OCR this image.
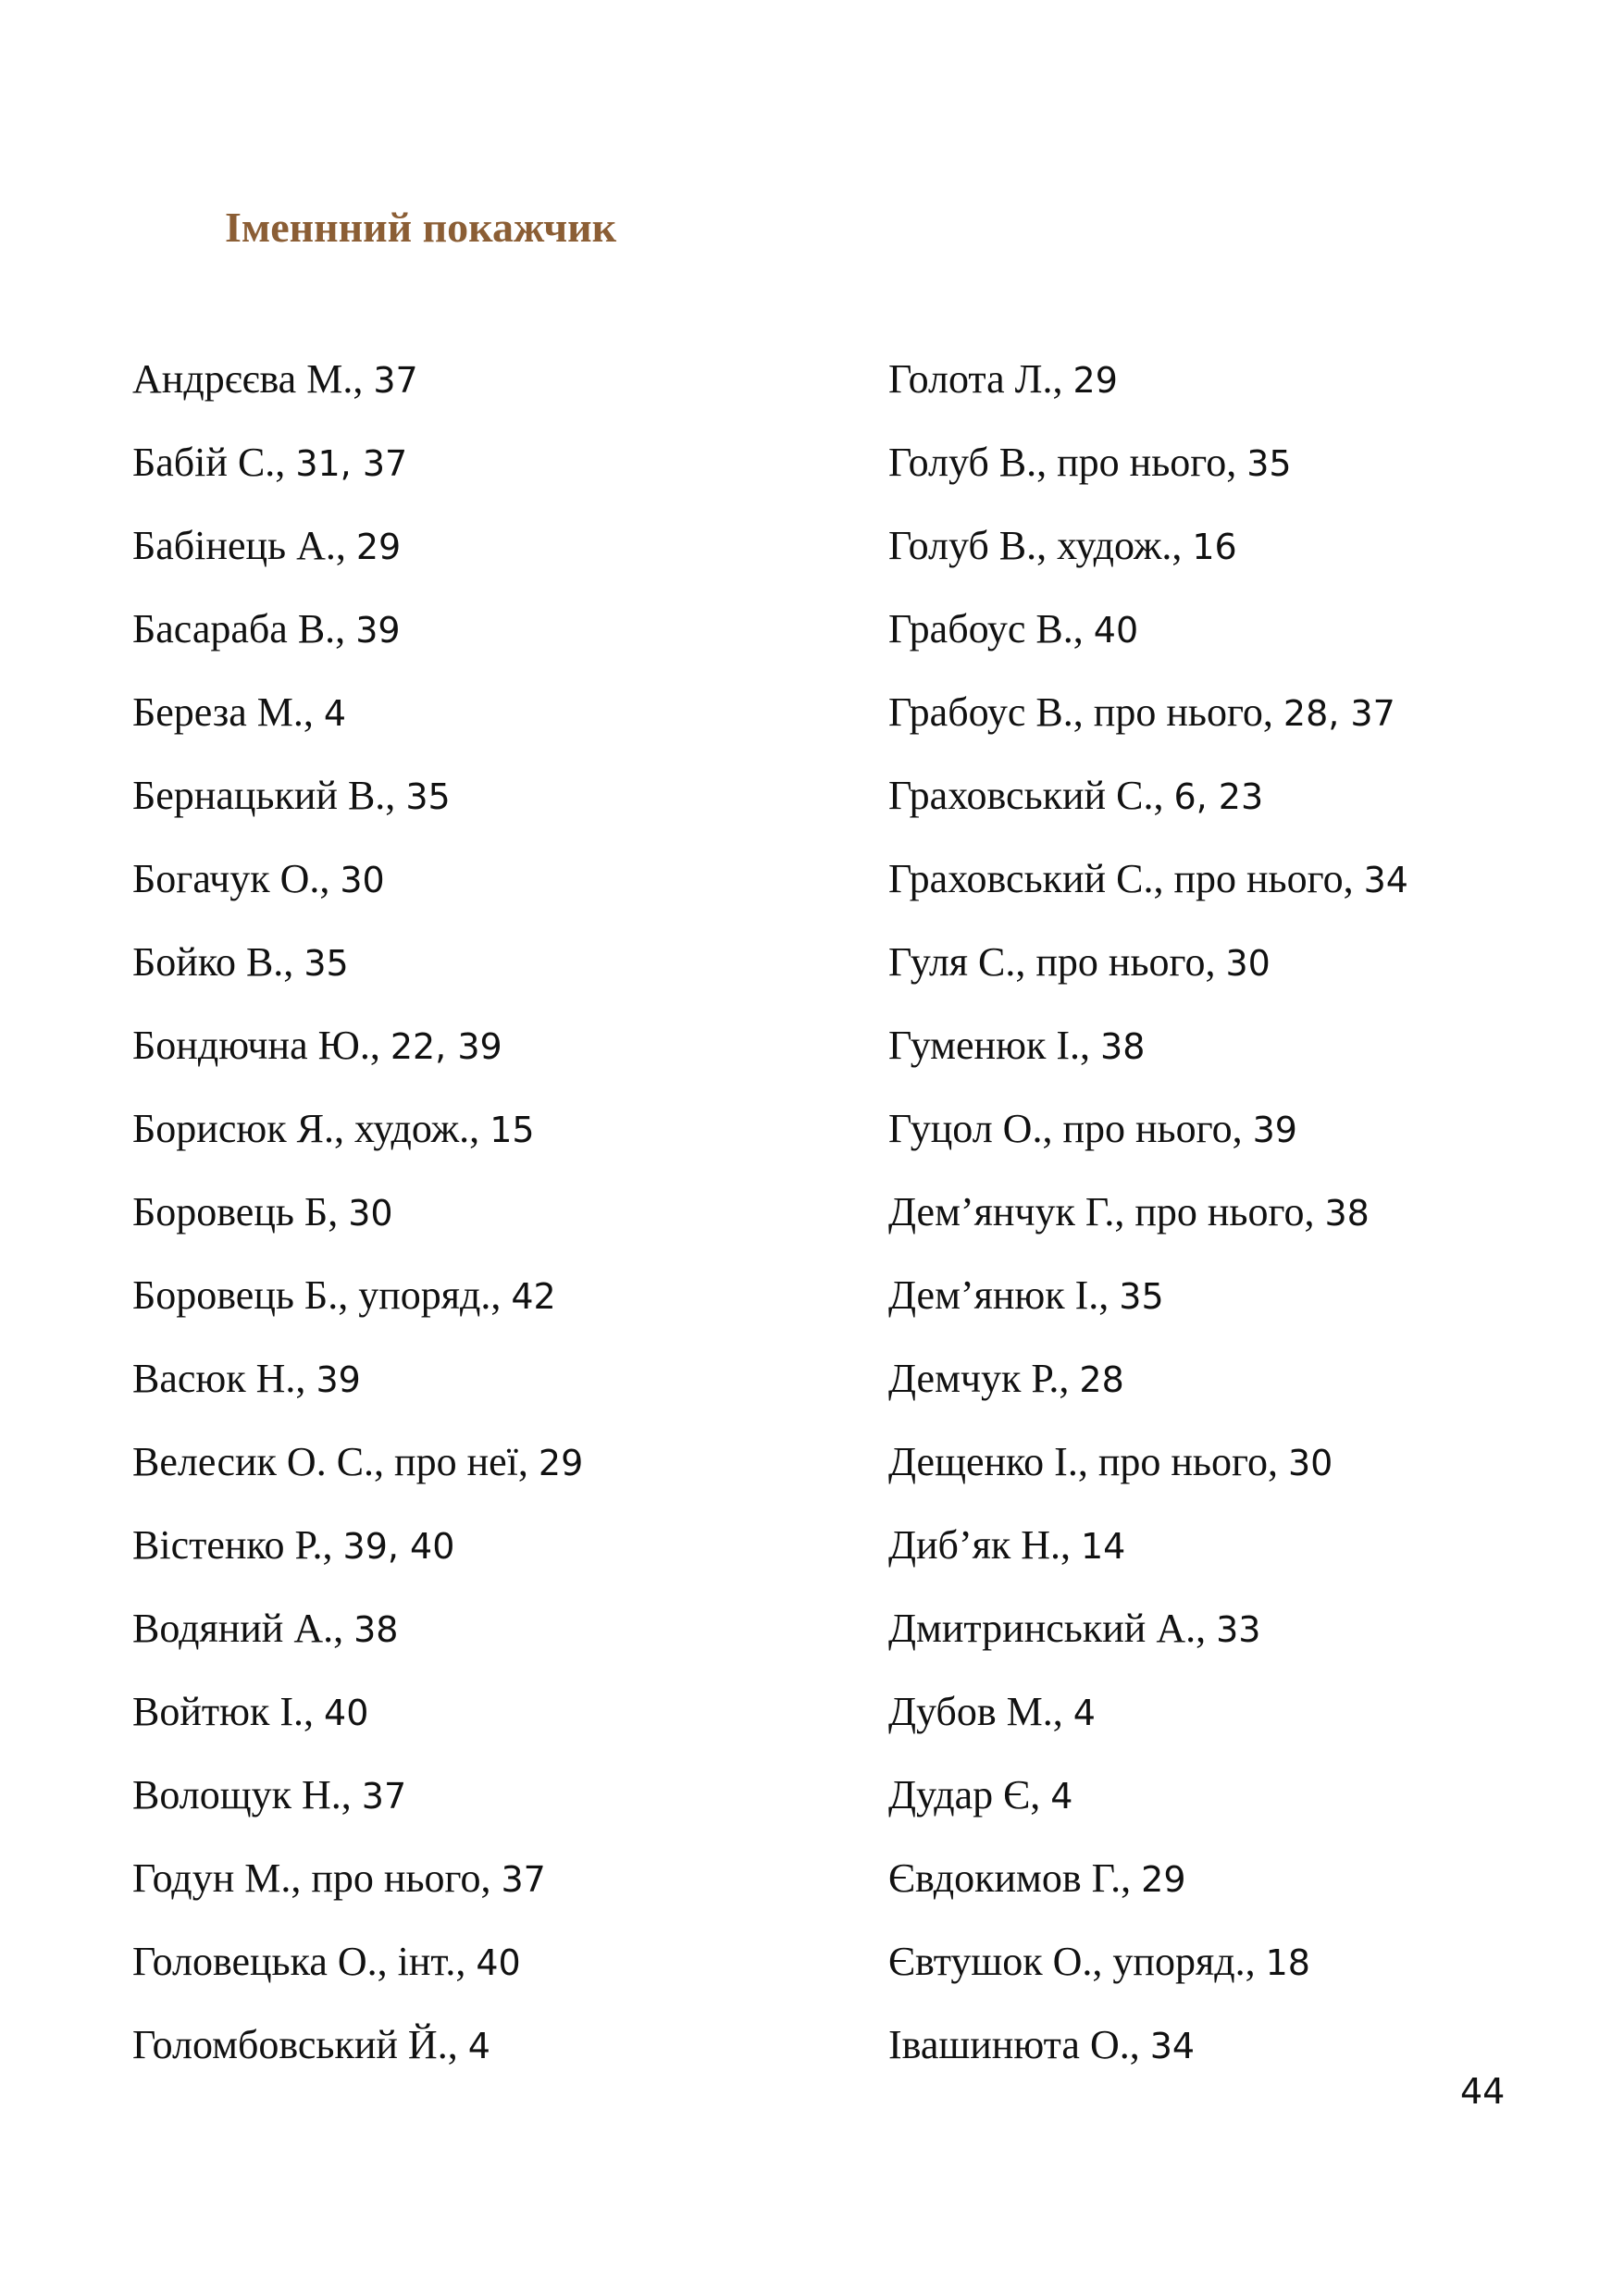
Іменнний покажчик
Андрєєва М., 37
Бабій С., 31, 37
Бабінець А., 29
Басараба В., 39
Береза М., 4
Бернацький В., 35
Богачук О., 30
Бойко В., 35
Бондючна Ю., 22, 39
Борисюк Я., худож., 15
Боровець Б, 30
Боровець Б., упоряд., 42
Васюк Н., 39
Велесик О. С., про неї, 29
Вістенко Р., 39, 40
Водяний А., 38
Войтюк І., 40
Волощук Н., 37
Годун М., про нього, 37
Головецька О., інт., 40
Голомбовський Й., 4
Голота Л., 29
Голуб В., про нього, 35
Голуб В., худож., 16
Грабоус В., 40
Грабоус В., про нього, 28, 37
Граховський С., 6, 23
Граховський С., про нього, 34
Гуля С., про нього, 30
Гуменюк І., 38
Гуцол О., про нього, 39
Дем’янчук Г., про нього, 38
Дем’янюк І., 35
Демчук Р., 28
Дещенко І., про нього, 30
Диб’як Н., 14
Дмитринський А., 33
Дубов М., 4
Дудар Є, 4
Євдокимов Г., 29
Євтушок О., упоряд., 18
Івашинюта О., 34

44
